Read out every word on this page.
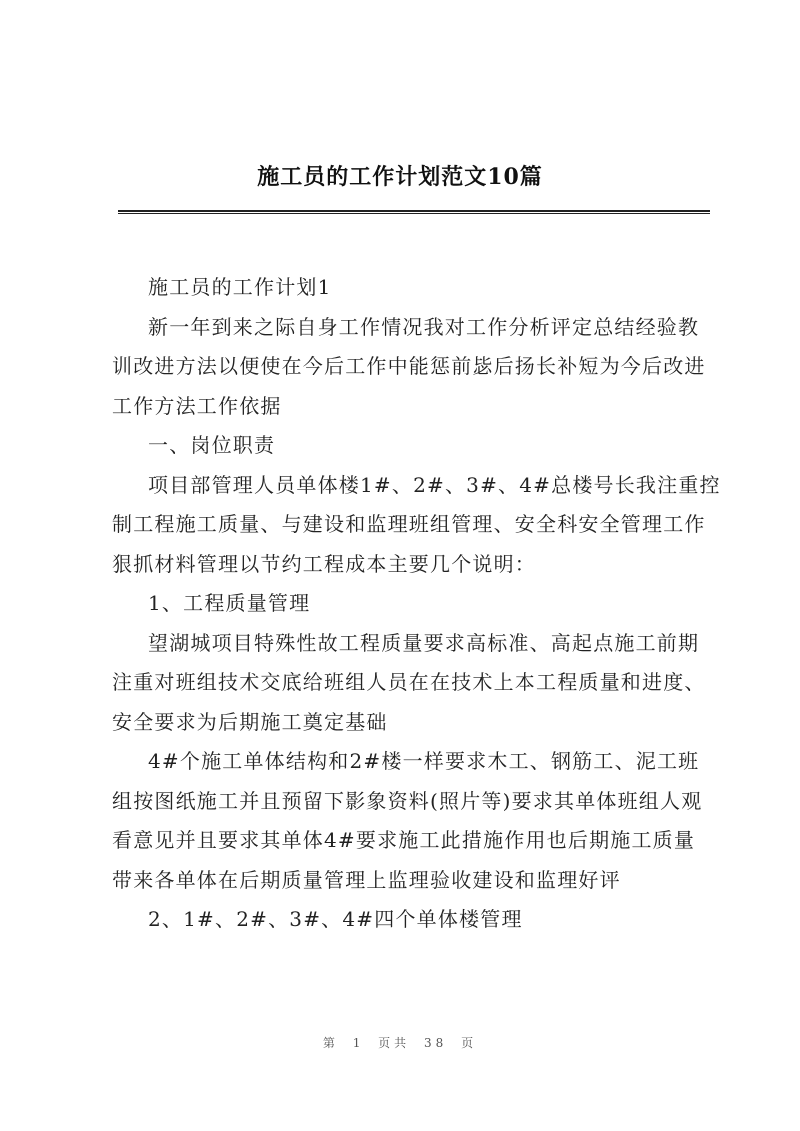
施工员的工作计划范文10篇
施工员的工作计划1
新一年到来之际自身工作情况我对工作分析评定总结经验教
训改进方法以便使在今后工作中能惩前毖后扬长补短为今后改进
工作方法工作依据
一、岗位职责
项目部管理人员单体楼1#、2#、3#、4#总楼号长我注重控
制工程施工质量、与建设和监理班组管理、安全科安全管理工作
狠抓材料管理以节约工程成本主要几个说明：
1、工程质量管理
望湖城项目特殊性故工程质量要求高标准、高起点施工前期
注重对班组技术交底给班组人员在在技术上本工程质量和进度、
安全要求为后期施工奠定基础
4#个施工单体结构和2#楼一样要求木工、钢筋工、泥工班
组按图纸施工并且预留下影象资料(照片等)要求其单体班组人观
看意见并且要求其单体4#要求施工此措施作用也后期施工质量
带来各单体在后期质量管理上监理验收建设和监理好评
2、1#、2#、3#、4#四个单体楼管理
第 1 页共 38 页
